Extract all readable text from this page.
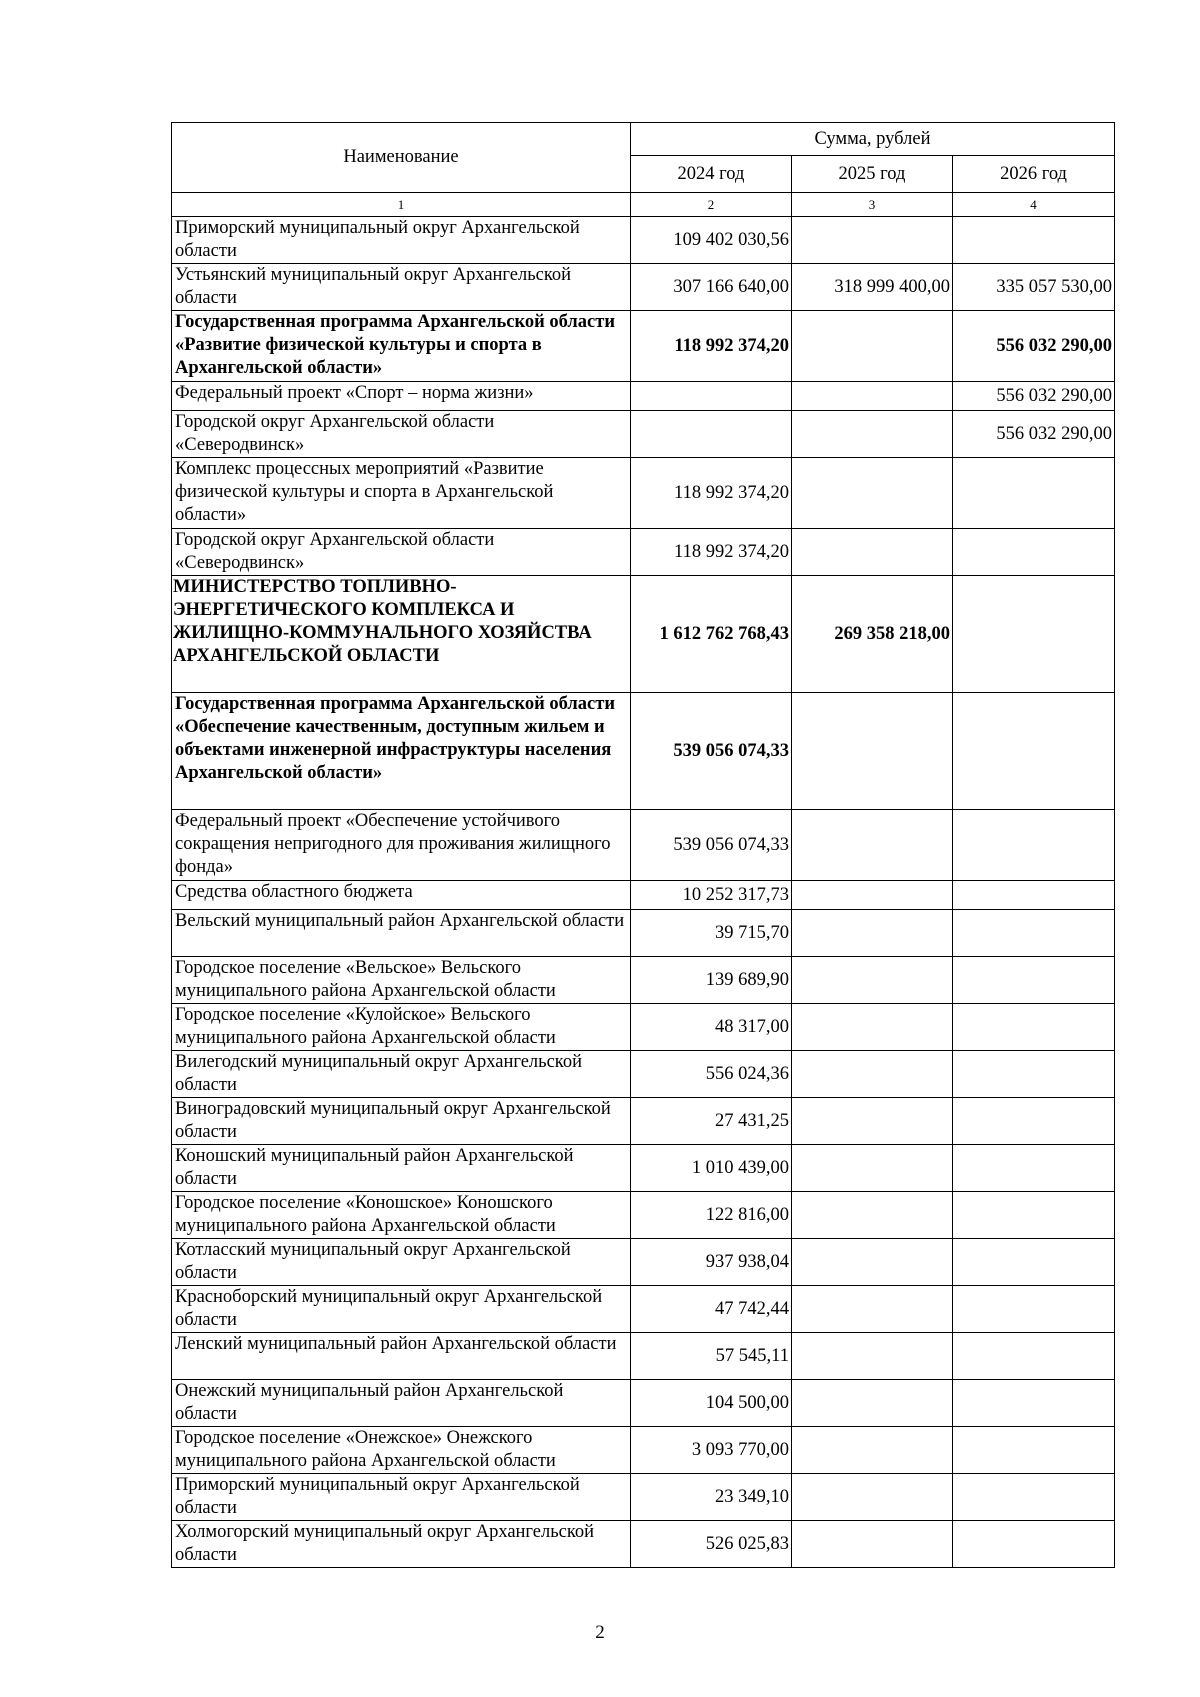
Наименование	Сумма, рублей		
	2024 год	2025 год	2026 год
1	2	3	4
Приморский муниципальный округ Архангельской области	109 402 030,56		
Устьянский муниципальный округ Архангельской области	307 166 640,00	318 999 400,00	335 057 530,00
Государственная программа Архангельской области «Развитие физической культуры и спорта в Архангельской области»	118 992 374,20		556 032 290,00
Федеральный проект «Спорт – норма жизни»			556 032 290,00
Городской округ Архангельской области «Северодвинск»			556 032 290,00
Комплекс процессных мероприятий «Развитие физической культуры и спорта в Архангельской области»	118 992 374,20		
Городской округ Архангельской области «Северодвинск»	118 992 374,20		
МИНИСТЕРСТВО ТОПЛИВНО-ЭНЕРГЕТИЧЕСКОГО КОМПЛЕКСА И ЖИЛИЩНО-КОММУНАЛЬНОГО ХОЗЯЙСТВА АРХАНГЕЛЬСКОЙ ОБЛАСТИ	1 612 762 768,43	269 358 218,00	
Государственная программа Архангельской области «Обеспечение качественным, доступным жильем и объектами инженерной инфраструктуры населения Архангельской области»	539 056 074,33		
Федеральный проект «Обеспечение устойчивого сокращения непригодного для проживания жилищного фонда»	539 056 074,33		
Средства областного бюджета	10 252 317,73		
Вельский муниципальный район Архангельской области	39 715,70		
Городское поселение «Вельское» Вельского муниципального района Архангельской области	139 689,90		
Городское поселение «Кулойское» Вельского муниципального района Архангельской области	48 317,00		
Вилегодский муниципальный округ Архангельской области	556 024,36		
Виноградовский муниципальный округ Архангельской области	27 431,25		
Коношский муниципальный район Архангельской области	1 010 439,00		
Городское поселение «Коношское» Коношского муниципального района Архангельской области	122 816,00		
Котласский муниципальный округ Архангельской области	937 938,04		
Красноборский муниципальный округ Архангельской области	47 742,44		
Ленский муниципальный район Архангельской области	57 545,11		
Онежский муниципальный район Архангельской области	104 500,00		
Городское поселение «Онежское» Онежского муниципального района Архангельской области	3 093 770,00		
Приморский муниципальный округ Архангельской области	23 349,10		
Холмогорский муниципальный округ Архангельской области	526 025,83		
2
